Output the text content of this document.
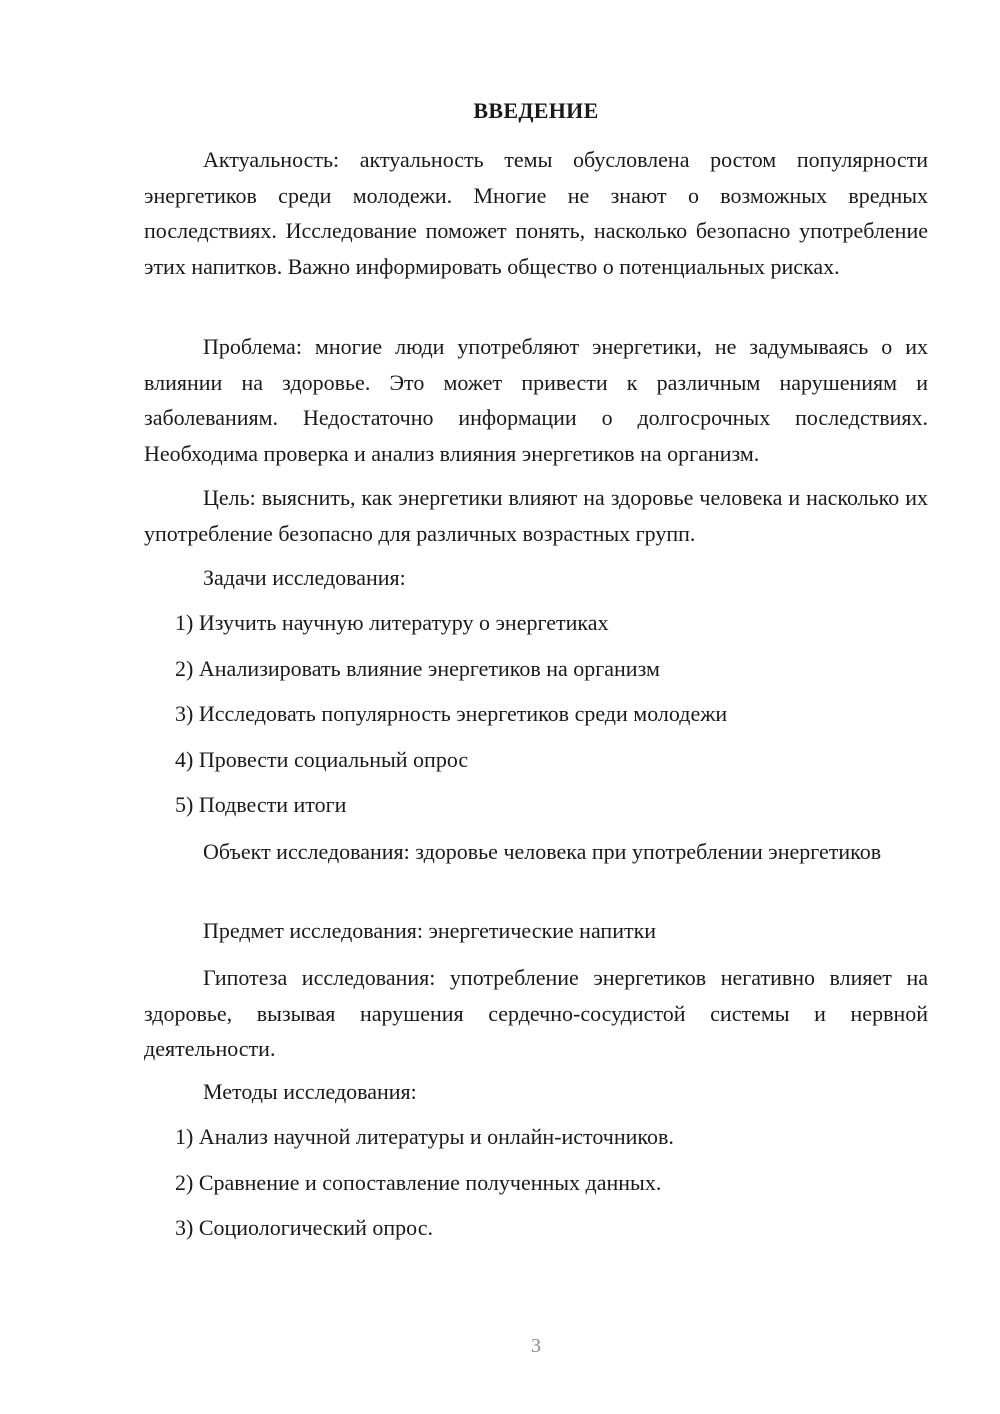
ВВЕДЕНИЕ

Актуальность: актуальность темы обусловлена ростом популярности энергетиков среди молодежи. Многие не знают о возможных вредных последствиях. Исследование поможет понять, насколько безопасно употребление этих напитков. Важно информировать общество о потенциальных рисках.

Проблема: многие люди употребляют энергетики, не задумываясь о их влиянии на здоровье. Это может привести к различным нарушениям и заболеваниям. Недостаточно информации о долгосрочных последствиях. Необходима проверка и анализ влияния энергетиков на организм.

Цель: выяснить, как энергетики влияют на здоровье человека и насколько их употребление безопасно для различных возрастных групп.

Задачи исследования:
1) Изучить научную литературу о энергетиках
2) Анализировать влияние энергетиков на организм
3) Исследовать популярность энергетиков среди молодежи
4) Провести социальный опрос
5) Подвести итоги

Объект исследования: здоровье человека при употреблении энергетиков

Предмет исследования: энергетические напитки

Гипотеза исследования: употребление энергетиков негативно влияет на здоровье, вызывая нарушения сердечно-сосудистой системы и нервной деятельности.

Методы исследования:
1) Анализ научной литературы и онлайн-источников.
2) Сравнение и сопоставление полученных данных.
3) Социологический опрос.
3
